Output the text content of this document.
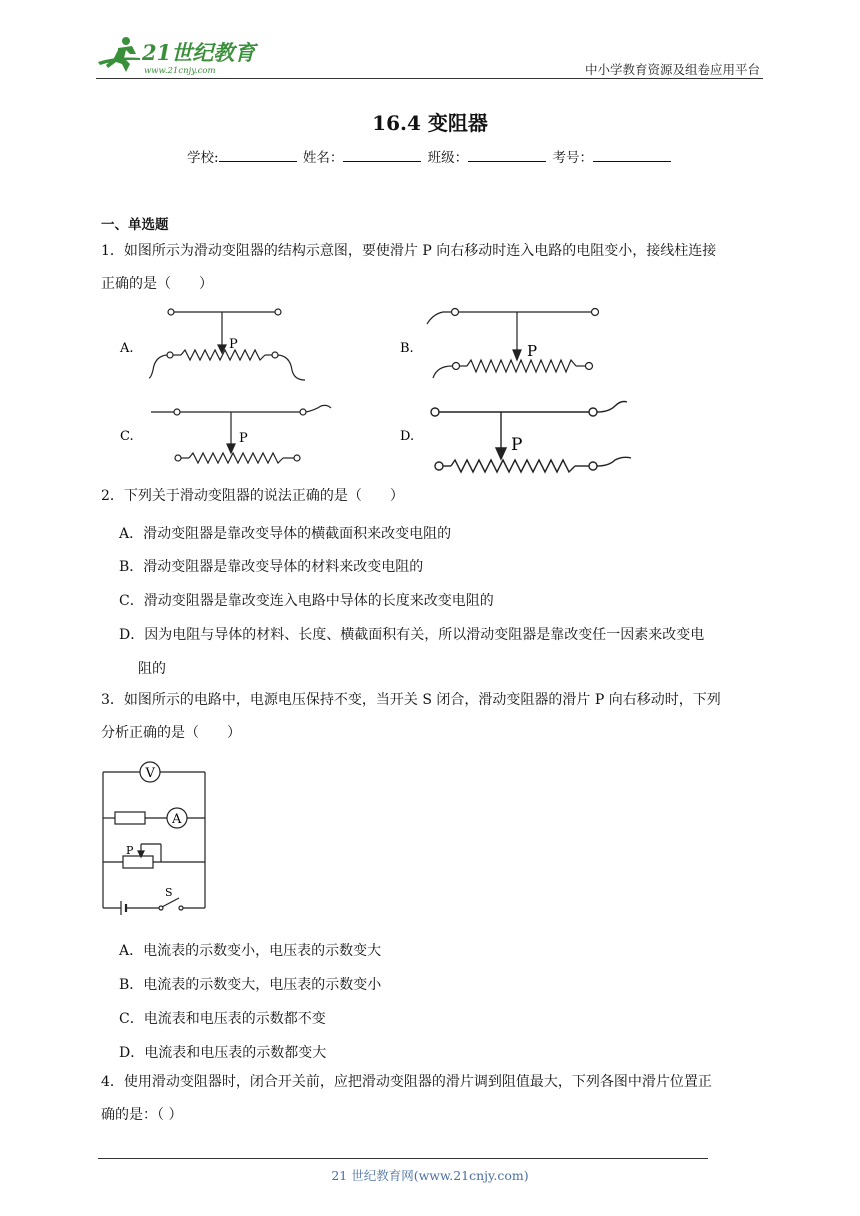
21世纪教育
www.21cnjy.com	中小学教育资源及组卷应用平台
16.4 变阻器
学校:	姓名：	班级：	考号：
一、单选题
1．如图所示为滑动变阻器的结构示意图，要使滑片 P 向右移动时连入电路的电阻变小，接线柱连接
正确的是（　　）
A.	P	B.	P
C.	P	D.	P
2．下列关于滑动变阻器的说法正确的是（　　）
A．滑动变阻器是靠改变导体的横截面积来改变电阻的
B．滑动变阻器是靠改变导体的材料来改变电阻的
C．滑动变阻器是靠改变连入电路中导体的长度来改变电阻的
D．因为电阻与导体的材料、长度、横截面积有关，所以滑动变阻器是靠改变任一因素来改变电
阻的
3．如图所示的电路中，电源电压保持不变，当开关 S 闭合，滑动变阻器的滑片 P 向右移动时，下列
分析正确的是（　　）
V
A
P
S
A．电流表的示数变小，电压表的示数变大
B．电流表的示数变大，电压表的示数变小
C．电流表和电压表的示数都不变
D．电流表和电压表的示数都变大
4．使用滑动变阻器时，闭合开关前，应把滑动变阻器的滑片调到阻值最大，下列各图中滑片位置正
确的是：（ ）
21 世纪教育网(www.21cnjy.com)
